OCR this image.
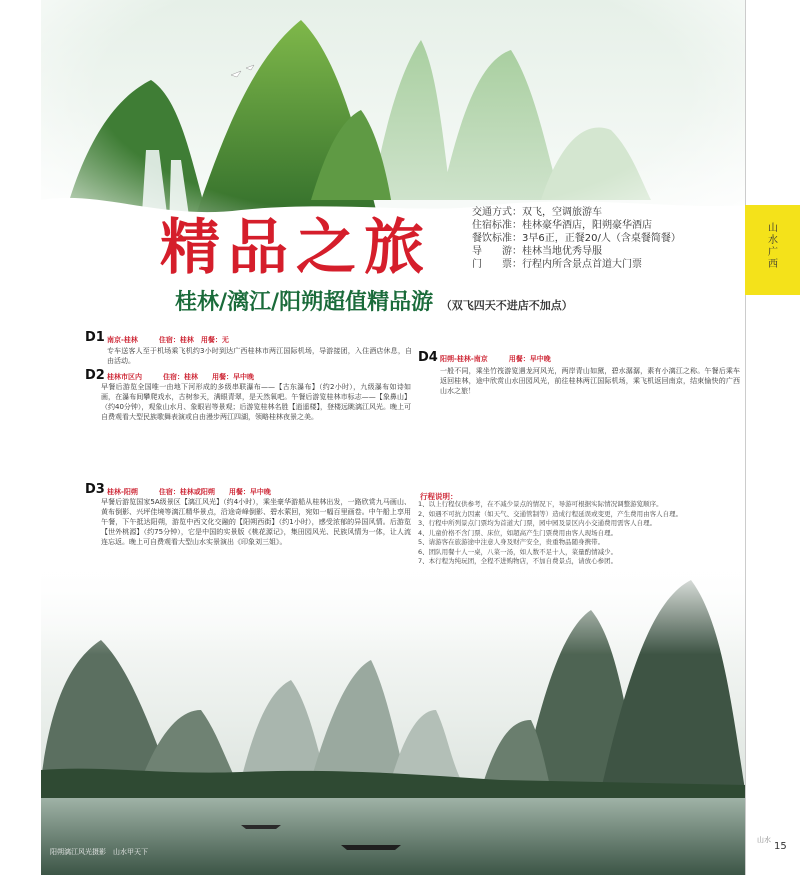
山水广西
精品之旅
交通方式：双飞，空调旅游车
住宿标准：桂林豪华酒店，阳朔豪华酒店
餐饮标准：3早6正，正餐20/人（含桌餐简餐）
导　　游：桂林当地优秀导服
门　　票：行程内所含景点首道大门票
桂林/漓江/阳朔超值精品游 （双飞四天不进店不加点）
D1 南京-桂林　　　住宿：桂林　用餐：无
专车送客人至于机场乘飞机约3小时到达广西桂林市两江国际机场，导游接团，入住酒店休息，自由活动。
D2 桂林市区内　　　住宿：桂林　　用餐：早中晚
早餐后游览全国唯一由地下河形成的多级串联瀑布——【古东瀑布】（约2小时），九级瀑布如诗如画，在瀑布间攀爬戏水，古树参天，满眼青翠，是天然氧吧。午餐后游览桂林市标志——【象鼻山】（约40分钟），观象山水月、象眼岩等景观；后游览桂林名胜【逍遥楼】，登楼远眺漓江风光。晚上可自费观看大型民族歌舞表演或自由漫步两江四湖，领略桂林夜景之美。
D3 桂林-阳朔　　　住宿：桂林或阳朔　　用餐：早中晚
早餐后游览国家5A级景区【漓江风光】（约4小时），乘坐豪华游船从桂林出发，一路欣赏九马画山、黄布倒影、兴坪佳境等漓江精华景点，沿途奇峰倒影、碧水萦回，宛如一幅百里画卷。中午船上享用午餐，下午抵达阳朔，游览中西文化交融的【阳朔西街】（约1小时），感受浓郁的异国风情。后游览【世外桃源】（约75分钟），它是中国的实景版《桃花源记》，集田园风光、民族风情为一体，让人流连忘返。晚上可自费观看大型山水实景演出《印象刘三姐》。
D4 阳朔-桂林-南京　　　用餐：早中晚
一般不同，乘坐竹筏游览遇龙河风光，两岸青山如黛，碧水潺潺，素有小漓江之称。午餐后乘车返回桂林，途中欣赏山水田园风光，前往桂林两江国际机场，乘飞机返回南京，结束愉快的广西山水之旅！
行程说明：
1、以上行程仅供参考，在不减少景点的情况下，导游可根据实际情况调整游览顺序。
2、如遇不可抗力因素（如天气、交通管制等）造成行程延误或变更，产生费用由客人自理。
3、行程中所列景点门票均为首道大门票，园中园及景区内小交通费用需客人自理。
4、儿童价格不含门票、床位，如超高产生门票费用由客人现场自理。
5、请游客在旅游途中注意人身及财产安全，贵重物品随身携带。
6、团队用餐十人一桌，八菜一汤，如人数不足十人，菜量酌情减少。
7、本行程为纯玩团，全程不进购物店，不加自费景点，请放心参团。
阳朔漓江风光摄影　山水甲天下
山水
15
